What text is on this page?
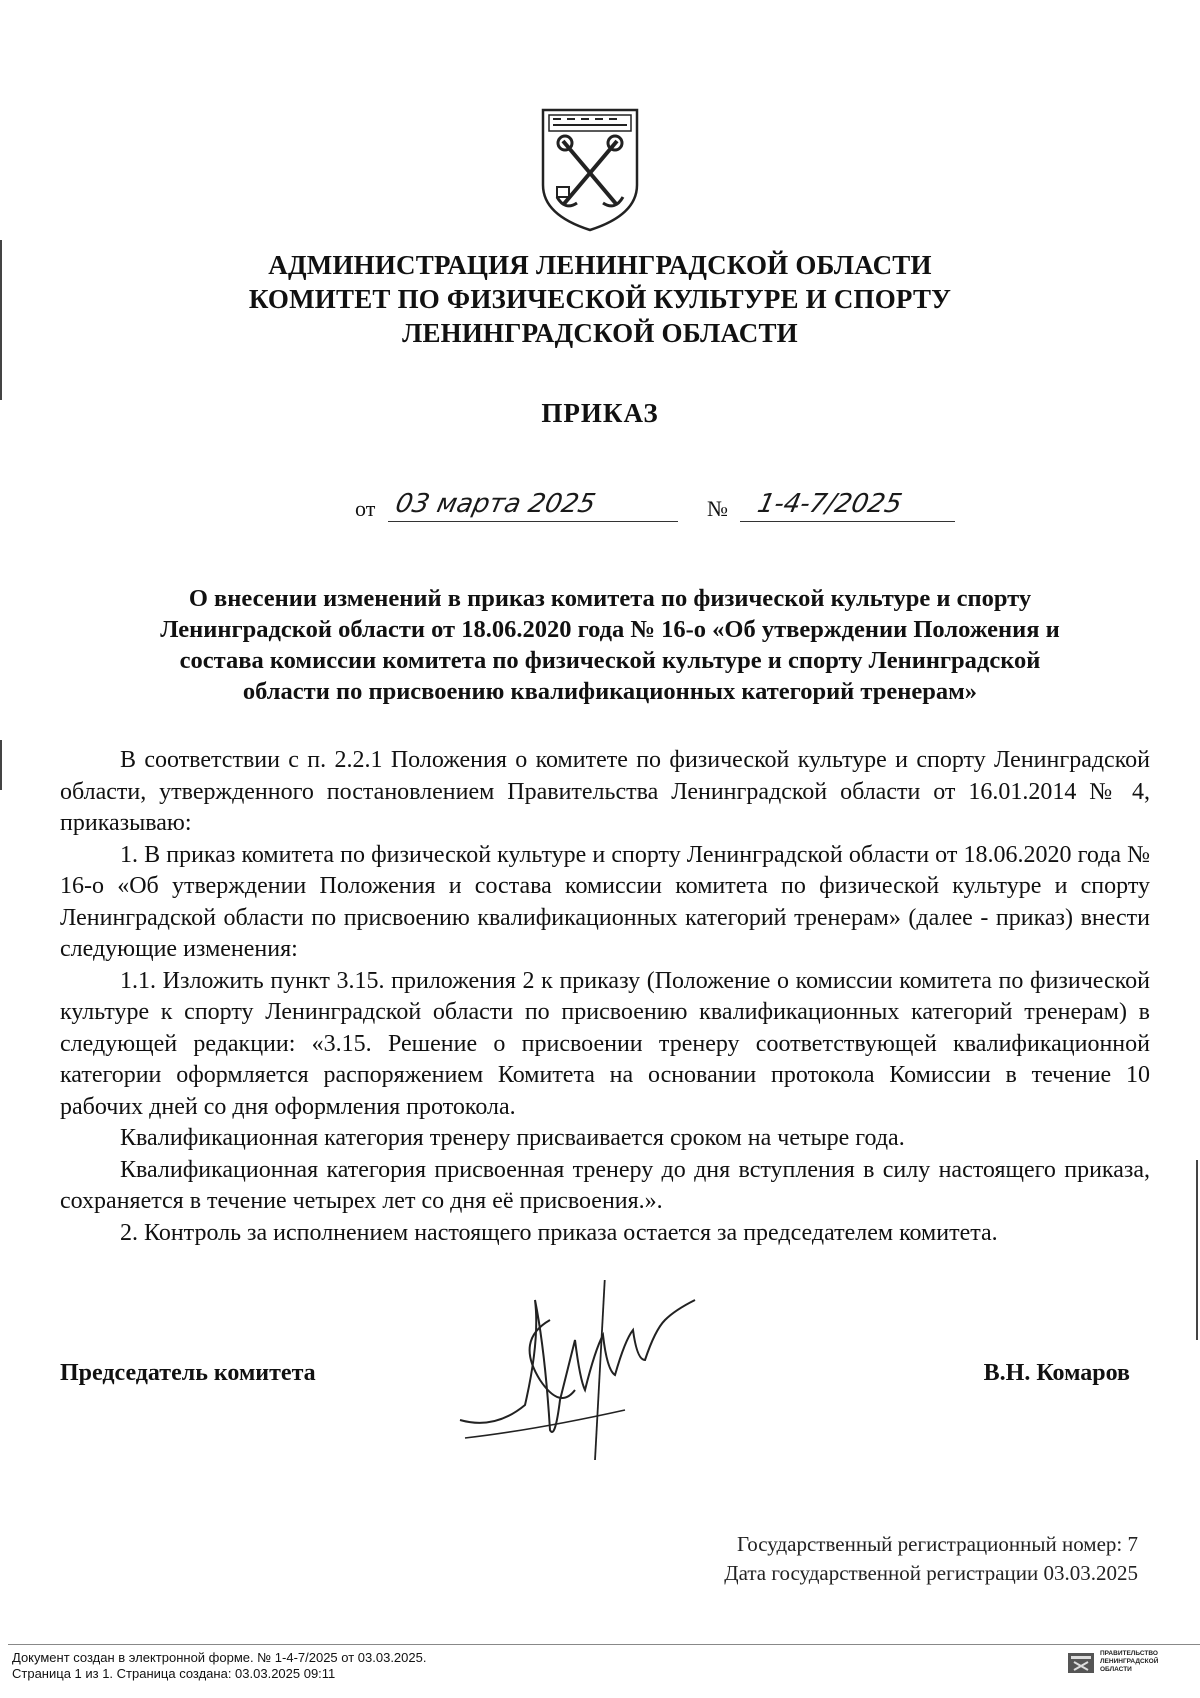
АДМИНИСТРАЦИЯ ЛЕНИНГРАДСКОЙ ОБЛАСТИ
КОМИТЕТ ПО ФИЗИЧЕСКОЙ КУЛЬТУРЕ И СПОРТУ
ЛЕНИНГРАДСКОЙ ОБЛАСТИ
ПРИКАЗ
от 03 марта 2025	№ 1-4-7/2025
О внесении изменений в приказ комитета по физической культуре и спорту
Ленинградской области от 18.06.2020 года № 16-о «Об утверждении Положения и
состава комиссии комитета по физической культуре и спорту Ленинградской
области по присвоению квалификационных категорий тренерам»

В соответствии с п. 2.2.1 Положения о комитете по физической культуре и спорту Ленинградской области, утвержденного постановлением Правительства Ленинградской области от 16.01.2014 № 4, приказываю:

1. В приказ комитета по физической культуре и спорту Ленинградской области от 18.06.2020 года № 16-о «Об утверждении Положения и состава комиссии комитета по физической культуре и спорту Ленинградской области по присвоению квалификационных категорий тренерам» (далее - приказ) внести следующие изменения:

1.1. Изложить пункт 3.15. приложения 2 к приказу (Положение о комиссии комитета по физической культуре к спорту Ленинградской области по присвоению квалификационных категорий тренерам) в следующей редакции: «3.15. Решение о присвоении тренеру соответствующей квалификационной категории оформляется распоряжением Комитета на основании протокола Комиссии в течение 10 рабочих дней со дня оформления протокола.

Квалификационная категория тренеру присваивается сроком на четыре года.

Квалификационная категория присвоенная тренеру до дня вступления в силу настоящего приказа, сохраняется в течение четырех лет со дня её присвоения.».

2. Контроль за исполнением настоящего приказа остается за председателем комитета.

Председатель комитета	В.Н. Комаров
Государственный регистрационный номер: 7
Дата государственной регистрации 03.03.2025
Документ создан в электронной форме. № 1-4-7/2025 от 03.03.2025.
Страница 1 из 1. Страница создана: 03.03.2025 09:11
ПРАВИТЕЛЬСТВО
ЛЕНИНГРАДСКОЙ
ОБЛАСТИ
